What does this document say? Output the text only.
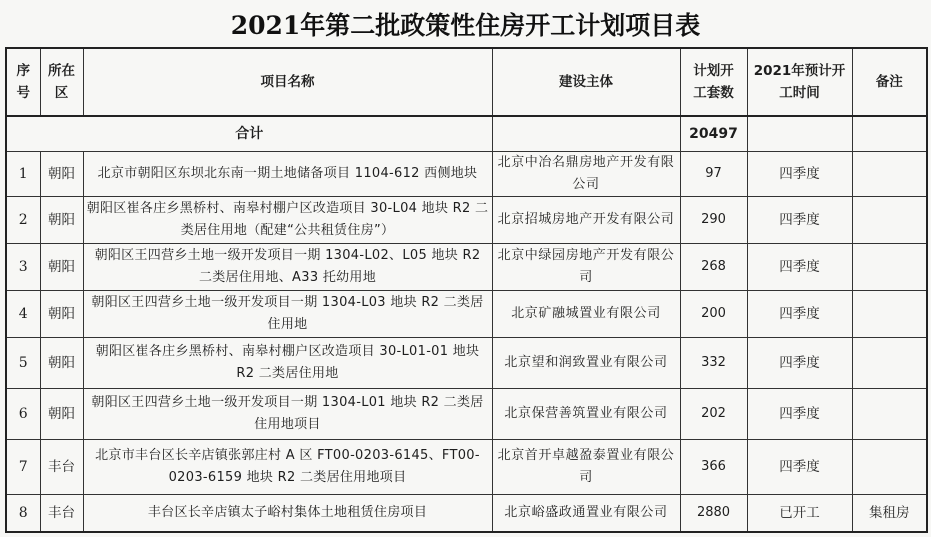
2021年第二批政策性住房开工计划项目表
序号	所在区	项目名称	建设主体	计划开工套数	2021年预计开工时间	备注
合计				20497		
1	朝阳	北京市朝阳区东坝北东南一期土地储备项目 1104-612 西侧地块	北京中冶名鼎房地产开发有限公司	97	四季度	
2	朝阳	朝阳区崔各庄乡黑桥村、南皋村棚户区改造项目 30-L04 地块 R2 二类居住用地（配建“公共租赁住房”）	北京招城房地产开发有限公司	290	四季度	
3	朝阳	朝阳区王四营乡土地一级开发项目一期 1304-L02、L05 地块 R2 二类居住用地、A33 托幼用地	北京中绿园房地产开发有限公司	268	四季度	
4	朝阳	朝阳区王四营乡土地一级开发项目一期 1304-L03 地块 R2 二类居住用地	北京矿融城置业有限公司	200	四季度	
5	朝阳	朝阳区崔各庄乡黑桥村、南皋村棚户区改造项目 30-L01-01 地块 R2 二类居住用地	北京望和润致置业有限公司	332	四季度	
6	朝阳	朝阳区王四营乡土地一级开发项目一期 1304-L01 地块 R2 二类居住用地项目	北京保营善筑置业有限公司	202	四季度	
7	丰台	北京市丰台区长辛店镇张郭庄村 A 区 FT00-0203-6145、FT00-0203-6159 地块 R2 二类居住用地项目	北京首开卓越盈泰置业有限公司	366	四季度	
8	丰台	丰台区长辛店镇太子峪村集体土地租赁住房项目	北京峪盛政通置业有限公司	2880	已开工	集租房
